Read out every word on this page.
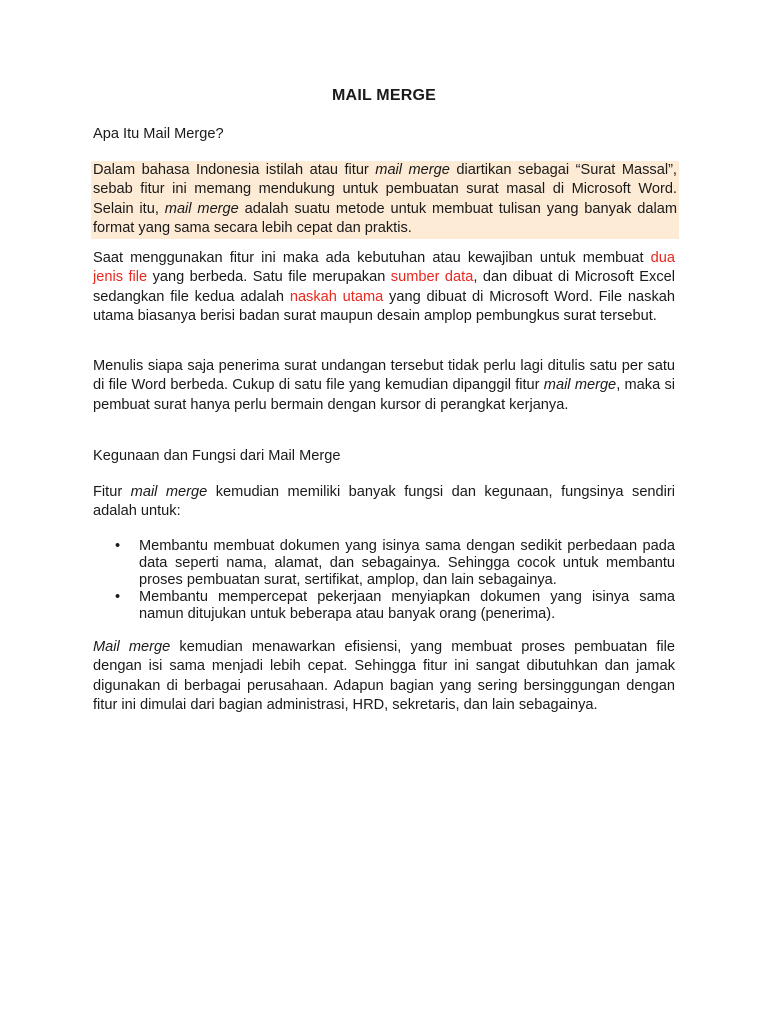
MAIL MERGE

Apa Itu Mail Merge?

Dalam bahasa Indonesia istilah atau fitur mail merge diartikan sebagai “Surat Massal”, sebab fitur ini memang mendukung untuk pembuatan surat masal di Microsoft Word. Selain itu, mail merge adalah suatu metode untuk membuat tulisan yang banyak dalam format yang sama secara lebih cepat dan praktis.

Saat menggunakan fitur ini maka ada kebutuhan atau kewajiban untuk membuat dua jenis file yang berbeda. Satu file merupakan sumber data, dan dibuat di Microsoft Excel sedangkan file kedua adalah naskah utama yang dibuat di Microsoft Word. File naskah utama biasanya berisi badan surat maupun desain amplop pembungkus surat tersebut.

Menulis siapa saja penerima surat undangan tersebut tidak perlu lagi ditulis satu per satu di file Word berbeda. Cukup di satu file yang kemudian dipanggil fitur mail merge, maka si pembuat surat hanya perlu bermain dengan kursor di perangkat kerjanya.

Kegunaan dan Fungsi dari Mail Merge

Fitur mail merge kemudian memiliki banyak fungsi dan kegunaan, fungsinya sendiri adalah untuk:

• Membantu membuat dokumen yang isinya sama dengan sedikit perbedaan pada data seperti nama, alamat, dan sebagainya. Sehingga cocok untuk membantu proses pembuatan surat, sertifikat, amplop, dan lain sebagainya.
• Membantu mempercepat pekerjaan menyiapkan dokumen yang isinya sama namun ditujukan untuk beberapa atau banyak orang (penerima).

Mail merge kemudian menawarkan efisiensi, yang membuat proses pembuatan file dengan isi sama menjadi lebih cepat. Sehingga fitur ini sangat dibutuhkan dan jamak digunakan di berbagai perusahaan. Adapun bagian yang sering bersinggungan dengan fitur ini dimulai dari bagian administrasi, HRD, sekretaris, dan lain sebagainya.
